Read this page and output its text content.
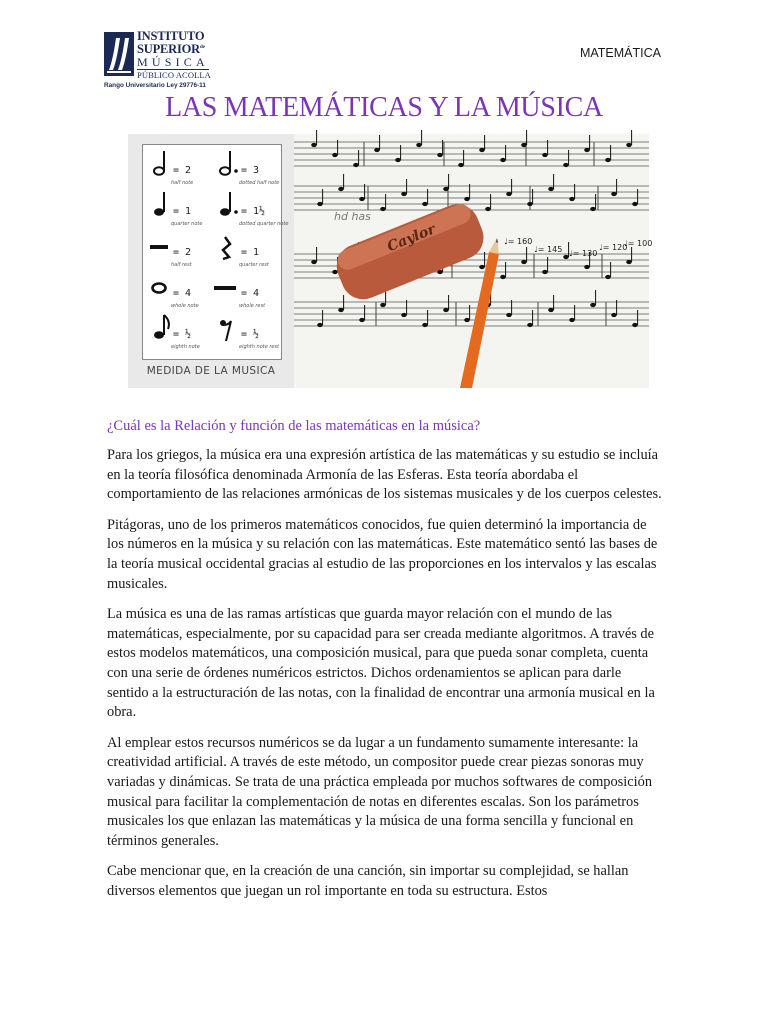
INSTITUTO
$SUPERIOR^{de}$
MÚSICA
PÚBLICO ACOLLA
Rango Universitario Ley 29776-11
MATEMÁTICA
LAS MATEMÁTICAS Y LA MÚSICA
= 2
half note
= 3
dotted half note
= 1
quarter note
= 1½
dotted quarter note
= 2
half rest
= 1
quarter rest
= 4
whole note
= 4
whole rest
= ½
eighth note
= ½
eighth note rest
MEDIDA DE LA MUSICA
hd has
♩= 160
♩= 145 ♩= 130
♩= 120
♩= 100
Caylor
¿Cuál es la Relación y función de las matemáticas en la música?

Para los griegos, la música era una expresión artística de las matemáticas y su estudio se incluía en la teoría filosófica denominada Armonía de las Esferas. Esta teoría abordaba el comportamiento de las relaciones armónicas de los sistemas musicales y de los cuerpos celestes.

Pitágoras, uno de los primeros matemáticos conocidos, fue quien determinó la importancia de los números en la música y su relación con las matemáticas. Este matemático sentó las bases de la teoría musical occidental gracias al estudio de las proporciones en los intervalos y las escalas musicales.

La música es una de las ramas artísticas que guarda mayor relación con el mundo de las matemáticas, especialmente, por su capacidad para ser creada mediante algoritmos. A través de estos modelos matemáticos, una composición musical, para que pueda sonar completa, cuenta con una serie de órdenes numéricos estrictos. Dichos ordenamientos se aplican para darle sentido a la estructuración de las notas, con la finalidad de encontrar una armonía musical en la obra.

Al emplear estos recursos numéricos se da lugar a un fundamento sumamente interesante: la creatividad artificial. A través de este método, un compositor puede crear piezas sonoras muy variadas y dinámicas. Se trata de una práctica empleada por muchos softwares de composición musical para facilitar la complementación de notas en diferentes escalas. Son los parámetros musicales los que enlazan las matemáticas y la música de una forma sencilla y funcional en términos generales.

Cabe mencionar que, en la creación de una canción, sin importar su complejidad, se hallan diversos elementos que juegan un rol importante en toda su estructura. Estos
